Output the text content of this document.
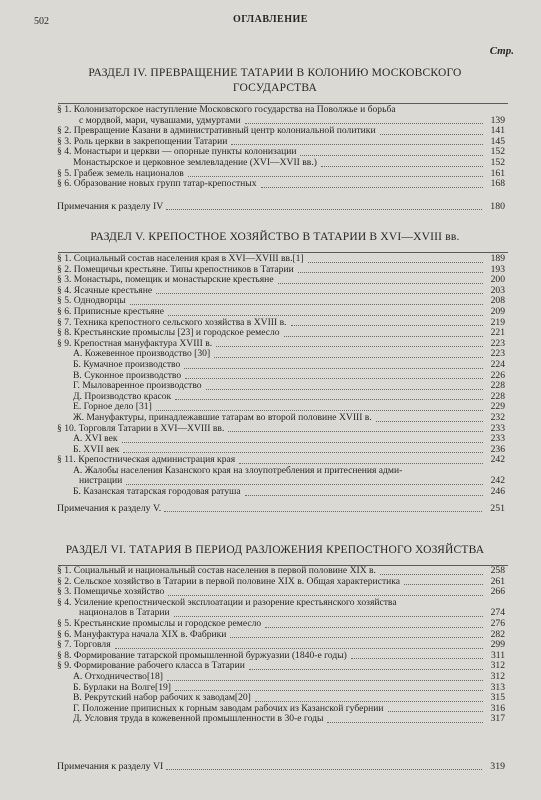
502	ОГЛАВЛЕНИЕ
Стр.
РАЗДЕЛ IV. ПРЕВРАЩЕНИЕ ТАТАРИИ В КОЛОНИЮ МОСКОВСКОГО
ГОСУДАРСТВА
§ 1. Колонизаторское наступление Московского государства на Поволжье и борьба
с мордвой, мари, чувашами, удмуртами	139
§ 2. Превращение Казани в административный центр колониальной политики	141
§ 3. Роль церкви в закрепощении Татарии	145
§ 4. Монастыри и церкви — опорные пункты колонизации	152
Монастырское и церковное землевладение (XVI—XVII вв.)	152
§ 5. Грабеж земель националов	161
§ 6. Образование новых групп татар-крепостных	168
Примечания к разделу IV	180
РАЗДЕЛ V. КРЕПОСТНОЕ ХОЗЯЙСТВО В ТАТАРИИ В XVI—XVIII вв.
§ 1. Социальный состав населения края в XVI—XVIII вв.[1]	189
§ 2. Помещичьи крестьяне. Типы крепостников в Татарии	193
§ 3. Монастырь, помещик и монастырские крестьяне	200
§ 4. Ясачные крестьяне	203
§ 5. Однодворцы	208
§ 6. Приписные крестьяне	209
§ 7. Техника крепостного сельского хозяйства в XVIII в.	219
§ 8. Крестьянские промыслы [23] и городское ремесло	221
§ 9. Крепостная мануфактура XVIII в.	223
А. Кожевенное производство [30]	223
Б. Кумачное производство	224
В. Суконное производство	226
Г. Мыловаренное производство	228
Д. Производство красок	228
Е. Горное дело [31]	229
Ж. Мануфактуры, принадлежавшие татарам во второй половине XVIII в.	232
§ 10. Торговля Татарии в XVI—XVIII вв.	233
А. XVI век	233
Б. XVII век	236
§ 11. Крепостническая администрация края	242
А. Жалобы населения Казанского края на злоупотребления и притеснения адми-
нистрации	242
Б. Казанская татарская городовая ратуша	246
Примечания к разделу V.	251
РАЗДЕЛ VI. ТАТАРИЯ В ПЕРИОД РАЗЛОЖЕНИЯ КРЕПОСТНОГО ХОЗЯЙСТВА
§ 1. Социальный и национальный состав населения в первой половине XIX в.	258
§ 2. Сельское хозяйство в Татарии в первой половине XIX в. Общая характеристика	261
§ 3. Помещичье хозяйство	266
§ 4. Усиление крепостнической эксплоатации и разорение крестьянского хозяйства
националов в Татарии	274
§ 5. Крестьянские промыслы и городское ремесло	276
§ 6. Мануфактура начала XIX в. Фабрики	282
§ 7. Торговля	299
§ 8. Формирование татарской промышленной буржуазии (1840-е годы)	311
§ 9. Формирование рабочего класса в Татарии	312
А. Отходничество[18]	312
Б. Бурлаки на Волге[19]	313
В. Рекрутский набор рабочих к заводам[20]	315
Г. Положение приписных к горным заводам рабочих из Казанской губернии	316
Д. Условия труда в кожевенной промышленности в 30-е годы	317
Примечания к разделу VI	319
